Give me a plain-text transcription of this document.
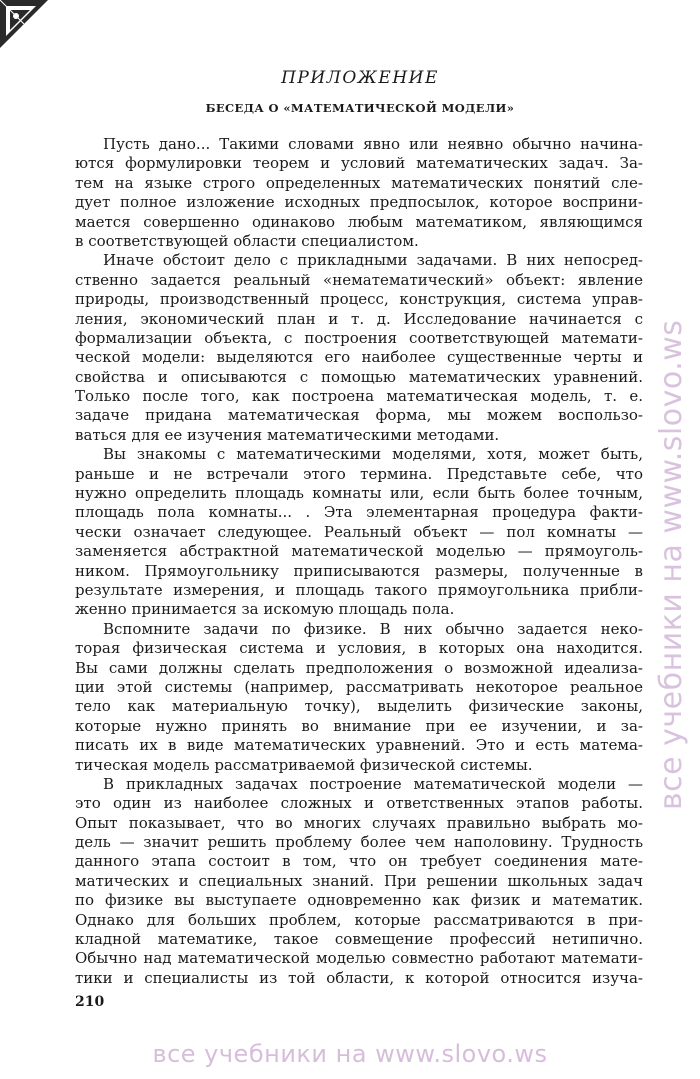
ПРИЛОЖЕНИЕ
БЕСЕДА О «МАТЕМАТИЧЕСКОЙ МОДЕЛИ»
Пусть дано... Такими словами явно или неявно обычно начина-
ются формулировки теорем и условий математических задач. За-
тем на языке строго определенных математических понятий сле-
дует полное изложение исходных предпосылок, которое восприни-
мается совершенно одинаково любым математиком, являющимся
в соответствующей области специалистом.
Иначе обстоит дело с прикладными задачами. В них непосред-
ственно задается реальный «нематематический» объект: явление
природы, производственный процесс, конструкция, система управ-
ления, экономический план и т. д. Исследование начинается с
формализации объекта, с построения соответствующей математи-
ческой модели: выделяются его наиболее существенные черты и
свойства и описываются с помощью математических уравнений.
Только после того, как построена математическая модель, т. е.
задаче придана математическая форма, мы можем воспользо-
ваться для ее изучения математическими методами.
Вы знакомы с математическими моделями, хотя, может быть,
раньше и не встречали этого термина. Представьте себе, что
нужно определить площадь комнаты или, если быть более точным,
площадь пола комнаты... . Эта элементарная процедура факти-
чески означает следующее. Реальный объект — пол комнаты —
заменяется абстрактной математической моделью — прямоуголь-
ником. Прямоугольнику приписываются размеры, полученные в
результате измерения, и площадь такого прямоугольника прибли-
женно принимается за искомую площадь пола.
Вспомните задачи по физике. В них обычно задается неко-
торая физическая система и условия, в которых она находится.
Вы сами должны сделать предположения о возможной идеализа-
ции этой системы (например, рассматривать некоторое реальное
тело как материальную точку), выделить физические законы,
которые нужно принять во внимание при ее изучении, и за-
писать их в виде математических уравнений. Это и есть матема-
тическая модель рассматриваемой физической системы.
В прикладных задачах построение математической модели —
это один из наиболее сложных и ответственных этапов работы.
Опыт показывает, что во многих случаях правильно выбрать мо-
дель — значит решить проблему более чем наполовину. Трудность
данного этапа состоит в том, что он требует соединения мате-
матических и специальных знаний. При решении школьных задач
по физике вы выступаете одновременно как физик и математик.
Однако для больших проблем, которые рассматриваются в при-
кладной математике, такое совмещение профессий нетипично.
Обычно над математической моделью совместно работают математи-
тики и специалисты из той области, к которой относится изуча-
210
все учебники на www.slovo.ws
все учебники на www.slovo.ws
